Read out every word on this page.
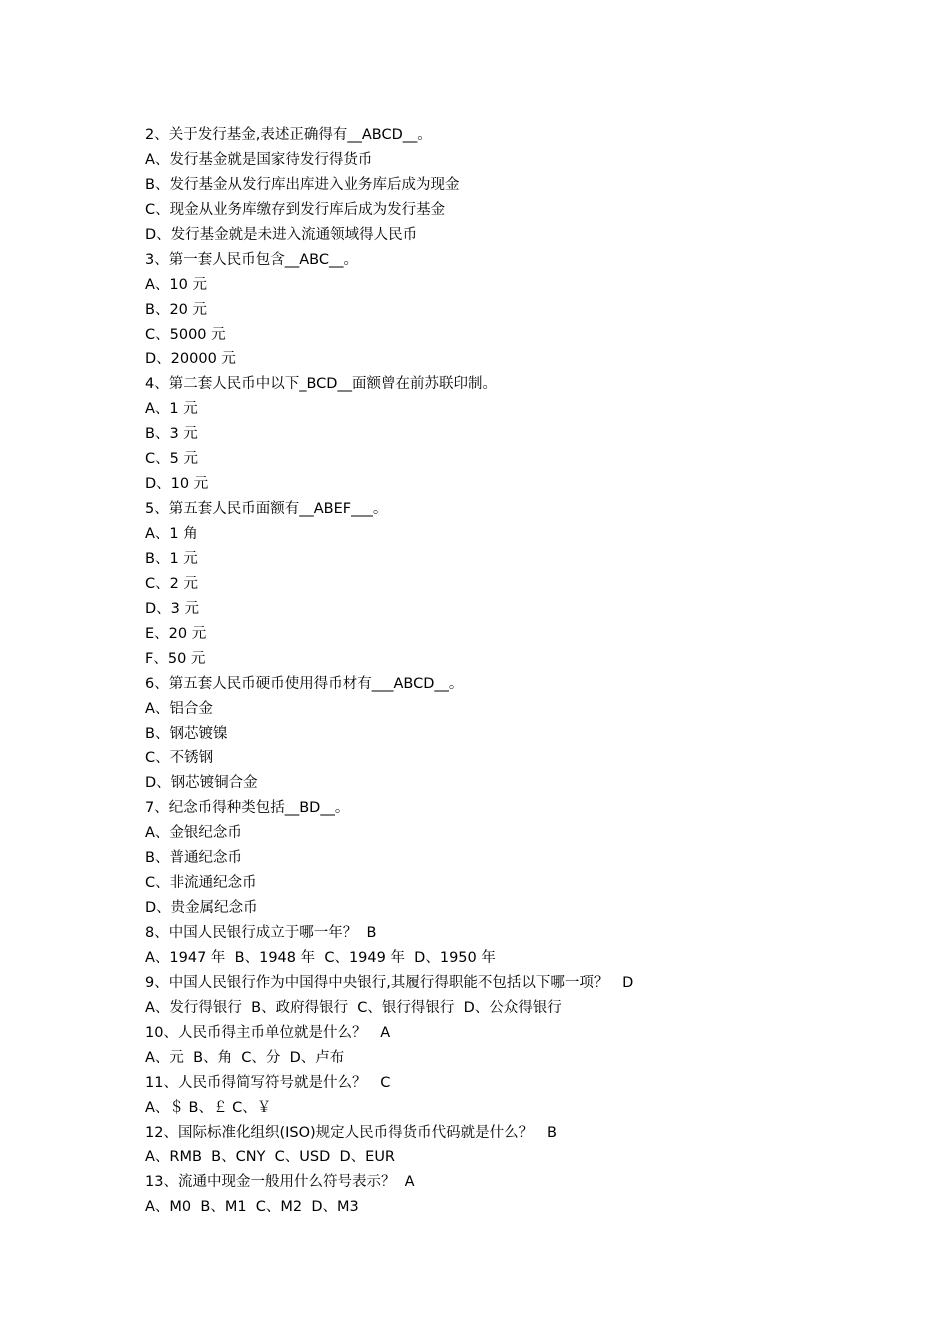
2、关于发行基金,表述正确得有__ABCD__。
A、发行基金就是国家待发行得货币
B、发行基金从发行库出库进入业务库后成为现金
C、现金从业务库缴存到发行库后成为发行基金
D、发行基金就是未进入流通领域得人民币
3、第一套人民币包含__ABC__。
A、10 元
B、20 元
C、5000 元
D、20000 元
4、第二套人民币中以下_BCD__面额曾在前苏联印制。
A、1 元
B、3 元
C、5 元
D、10 元
5、第五套人民币面额有__ABEF___。
A、1 角
B、1 元
C、2 元
D、3 元
E、20 元
F、50 元
6、第五套人民币硬币使用得币材有___ABCD__。
A、铝合金
B、钢芯镀镍
C、不锈钢
D、钢芯镀铜合金
7、纪念币得种类包括__BD__。
A、金银纪念币
B、普通纪念币
C、非流通纪念币
D、贵金属纪念币
8、中国人民银行成立于哪一年？  B
A、1947 年  B、1948 年  C、1949 年  D、1950 年
9、中国人民银行作为中国得中央银行,其履行得职能不包括以下哪一项？   D
A、发行得银行  B、政府得银行  C、银行得银行  D、公众得银行
10、人民币得主币单位就是什么？   A
A、元  B、角  C、分  D、卢布
11、人民币得简写符号就是什么？   C
A、＄ B、￡ C、￥
12、国际标准化组织(ISO)规定人民币得货币代码就是什么？   B
A、RMB  B、CNY  C、USD  D、EUR
13、流通中现金一般用什么符号表示？  A
A、M0  B、M1  C、M2  D、M3
